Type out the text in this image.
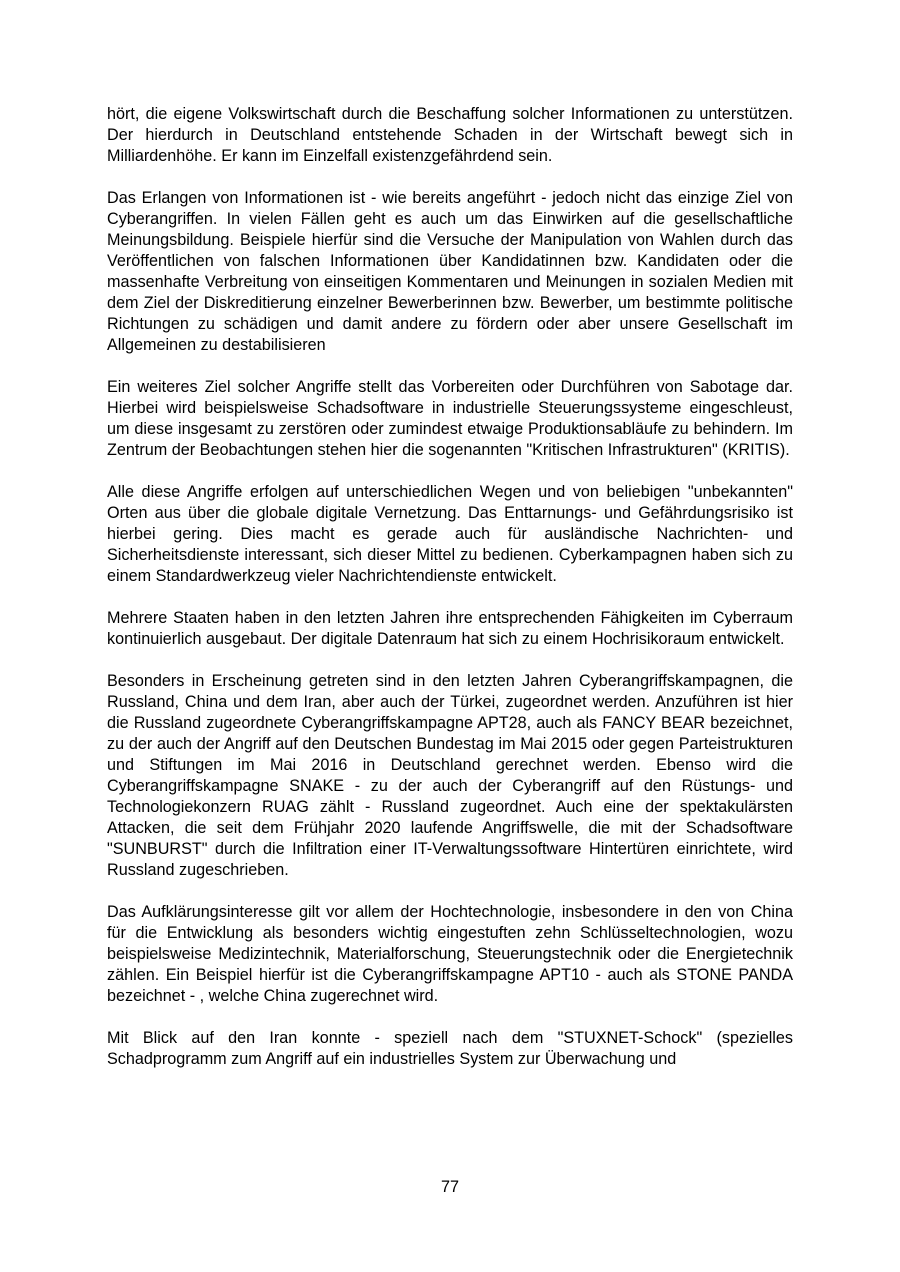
hört, die eigene Volkswirtschaft durch die Beschaffung solcher Informationen zu unterstützen. Der hierdurch in Deutschland entstehende Schaden in der Wirtschaft bewegt sich in Milliardenhöhe. Er kann im Einzelfall existenzgefährdend sein.

Das Erlangen von Informationen ist - wie bereits angeführt - jedoch nicht das einzige Ziel von Cyberangriffen. In vielen Fällen geht es auch um das Einwirken auf die gesellschaftliche Meinungsbildung. Beispiele hierfür sind die Versuche der Manipulation von Wahlen durch das Veröffentlichen von falschen Informationen über Kandidatinnen bzw. Kandidaten oder die massenhafte Verbreitung von einseitigen Kommentaren und Meinungen in sozialen Medien mit dem Ziel der Diskreditierung einzelner Bewerberinnen bzw. Bewerber, um bestimmte politische Richtungen zu schädigen und damit andere zu fördern oder aber unsere Gesellschaft im Allgemeinen zu destabilisieren

Ein weiteres Ziel solcher Angriffe stellt das Vorbereiten oder Durchführen von Sabotage dar. Hierbei wird beispielsweise Schadsoftware in industrielle Steuerungssysteme eingeschleust, um diese insgesamt zu zerstören oder zumindest etwaige Produktionsabläufe zu behindern. Im Zentrum der Beobachtungen stehen hier die sogenannten "Kritischen Infrastrukturen" (KRITIS).

Alle diese Angriffe erfolgen auf unterschiedlichen Wegen und von beliebigen "unbekannten" Orten aus über die globale digitale Vernetzung. Das Enttarnungs- und Gefährdungsrisiko ist hierbei gering. Dies macht es gerade auch für ausländische Nachrichten- und Sicherheitsdienste interessant, sich dieser Mittel zu bedienen. Cyberkampagnen haben sich zu einem Standardwerkzeug vieler Nachrichtendienste entwickelt.

Mehrere Staaten haben in den letzten Jahren ihre entsprechenden Fähigkeiten im Cyberraum kontinuierlich ausgebaut. Der digitale Datenraum hat sich zu einem Hochrisikoraum entwickelt.

Besonders in Erscheinung getreten sind in den letzten Jahren Cyberangriffskampagnen, die Russland, China und dem Iran, aber auch der Türkei, zugeordnet werden. Anzuführen ist hier die Russland zugeordnete Cyberangriffskampagne APT28, auch als FANCY BEAR bezeichnet, zu der auch der Angriff auf den Deutschen Bundestag im Mai 2015 oder gegen Parteistrukturen und Stiftungen im Mai 2016 in Deutschland gerechnet werden. Ebenso wird die Cyberangriffskampagne SNAKE - zu der auch der Cyberangriff auf den Rüstungs- und Technologiekonzern RUAG zählt - Russland zugeordnet. Auch eine der spektakulärsten Attacken, die seit dem Frühjahr 2020 laufende Angriffswelle, die mit der Schadsoftware "SUNBURST" durch die Infiltration einer IT-Verwaltungssoftware Hintertüren einrichtete, wird Russland zugeschrieben.

Das Aufklärungsinteresse gilt vor allem der Hochtechnologie, insbesondere in den von China für die Entwicklung als besonders wichtig eingestuften zehn Schlüsseltechnologien, wozu beispielsweise Medizintechnik, Materialforschung, Steuerungstechnik oder die Energietechnik zählen. Ein Beispiel hierfür ist die Cyberangriffskampagne APT10 - auch als STONE PANDA bezeichnet - , welche China zugerechnet wird.

Mit Blick auf den Iran konnte - speziell nach dem "STUXNET-Schock" (spezielles Schadprogramm zum Angriff auf ein industrielles System zur Überwachung und

77
